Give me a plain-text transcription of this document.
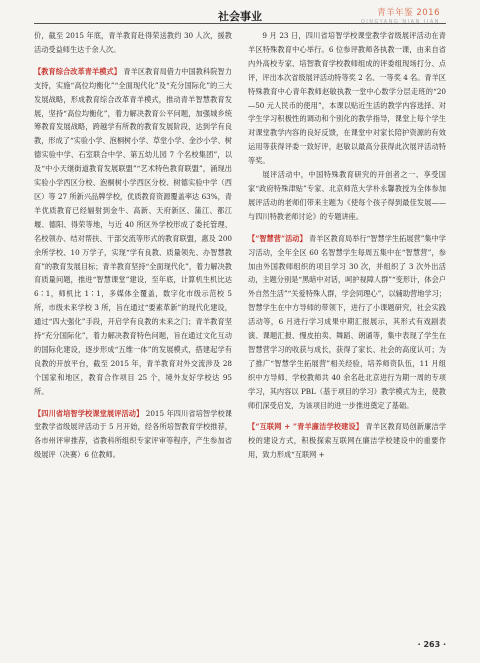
社会事业	青羊年鉴 2016
QINGYANG NIAN JIAN

价，截至 2015 年底，青羊教育赴得荣送教约 30 人次，援教活动受益师生达千余人次。

【教育综合改革青羊模式】 青羊区教育局借力中国教科院智力支持，实施“高位均衡化”“全面现代化”及“充分国际化”的三大发展战略，形成教育综合改革青羊模式，推动青羊智慧教育发展，坚持“高位均衡化”，着力解决教育公平问题，加强城乡统筹教育发展战略，跨越学有所教的教育发展阶段，达到学有良教，形成了“实验小学、泡桐树小学、草堂小学、金沙小学、树德实验中学、石室联合中学、第五幼儿园 7 个名校集团”，以及“中小天继街道教育发展联盟”“艺术特色教育联盟”，涌现出实验小学西区分校、泡桐树小学西区分校、树德实验中学（西区）等 27 所新兴品牌学校，优质教育资源覆盖率达 63%，青羊优质教育已经辐射到金牛、高新、天府新区、蒲江、都江堰、德阳、得荣等地，与近 40 所区外学校形成了委托管理、名校领办、结对帮扶、干部交流等形式的教育联盟，惠及 200 余所学校、10 万学子，实现“学有良教、质量领先、办智慧教育”的教育发展目标；青羊教育坚持“全面现代化”，着力解决教育质量问题，推进“智慧课堂”建设，至年底，计算机生机比达 6∶1，师机比 1∶1，多媒体全覆盖，数字化市级示范校 5 所，市级未来学校 3 所，旨在通过“要素革新”的现代化建设，通过“四大强化”手段，开启学有良教的未来之门；青羊教育坚持“充分国际化”，着力解决教育特色问题，旨在通过文化互动的国际化建设，逐步形成“五维一体”的发展模式，搭建起学有良教的开放平台，截至 2015 年，青羊教育对外交流涉及 28 个国家和地区，教育合作项目 25 个，境外友好学校达 95 所。

【四川省培智学校课堂展评活动】 2015 年四川省培智学校课堂教学省级展评活动于 5 月开始，经各所培智教育学校推荐，各市州评审推荐，省教科所组织专家评审等程序，产生参加省级展评（决赛）6 位教师。

9 月 23 日，四川省培智学校课堂教学省级展评活动在青羊区特殊教育中心举行。6 位参评教师各执教一课，由来自省内外高校专家、培智教育学校教师组成的评委组现场打分、点评，评出本次省级展评活动特等奖 2 名、一等奖 4 名。青羊区特殊教育中心青年教师赵敏执教一堂中心数学分层走班的“20—50 元人民币的使用”，本课以贴近生活的教学内容选择、对学生学习积极性的调动和个别化的教学指导，课堂上每个学生对课堂教学内容的良好反馈，在课堂中对家长陪护资源的有效运用等获得评委一致好评，赵敏以最高分获得此次展评活动特等奖。

展评活动中，中国特殊教育研究的开创者之一、享受国家“政府特殊津贴”专家、北京师范大学朴永馨教授为全体参加展评活动的老师们带来主题为《使每个孩子得到最佳发展——与四川特教老师讨论》的专题讲座。

【“智慧营”活动】 青羊区教育局举行“智慧学生拓展营”集中学习活动，全年全区 60 名智慧学生每周五集中在“智慧营”，参加由外国教师组织的项目学习 30 次，并组织了 3 次外出活动，主题分别是“黑暗中对话，呵护视障人群”“变形计，体会户外自然生活”“关爱特殊人群，学会同理心”，以辅助营地学习；智慧学生在中方导师的带领下，进行了小课题研究，社会实践活动等，6 月进行学习成果中期汇报展示，其形式有戏剧表演、课题汇报、慢皮拍卖、舞蹈、朗诵等，集中表现了学生在智慧营学习的收获与成长，获得了家长、社会的高度认可；为了推广“智慧学生拓展营”相关经验，培养师资队伍，11 月组织中方导师、学校教师共 40 余名赴北京进行为期一周的专项学习，其内容以 PBL（基于项目的学习）教学模式为主，使教师们深受启发，为该项目的进一步推进奠定了基础。

【“互联网 + ”青羊廉洁学校建设】 青羊区教育局创新廉洁学校的建设方式，积极探索互联网在廉洁学校建设中的重要作用，致力形成“互联网 +

· 263 ·
